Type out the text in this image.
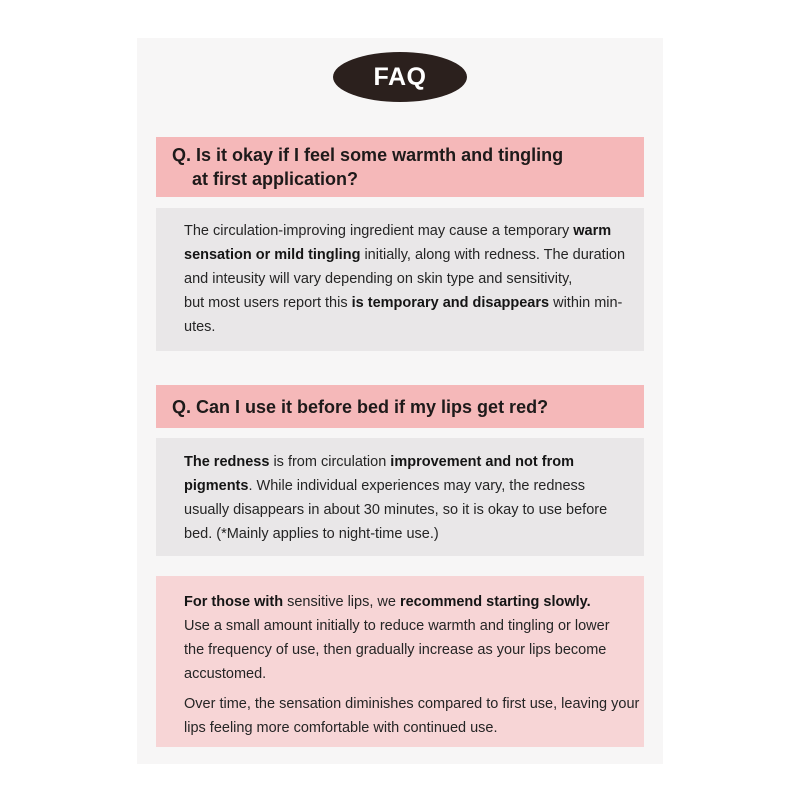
FAQ
Q. Is it okay if I feel some warmth and tingling
at first application?
The circulation-improving ingredient may cause a temporary warm
sensation or mild tingling initially, along with redness. The duration
and inteusity will vary depending on skin type and sensitivity,
but most users report this is temporary and disappears within min-
utes.
Q. Can I use it before bed if my lips get red?
The redness is from circulation improvement and not from
pigments. While individual experiences may vary, the redness
usually disappears in about 30 minutes, so it is okay to use before
bed. (*Mainly applies to night-time use.)
For those with sensitive lips, we recommend starting slowly.
Use a small amount initially to reduce warmth and tingling or lower
the frequency of use, then gradually increase as your lips become
accustomed.
Over time, the sensation diminishes compared to first use, leaving your
lips feeling more comfortable with continued use.
